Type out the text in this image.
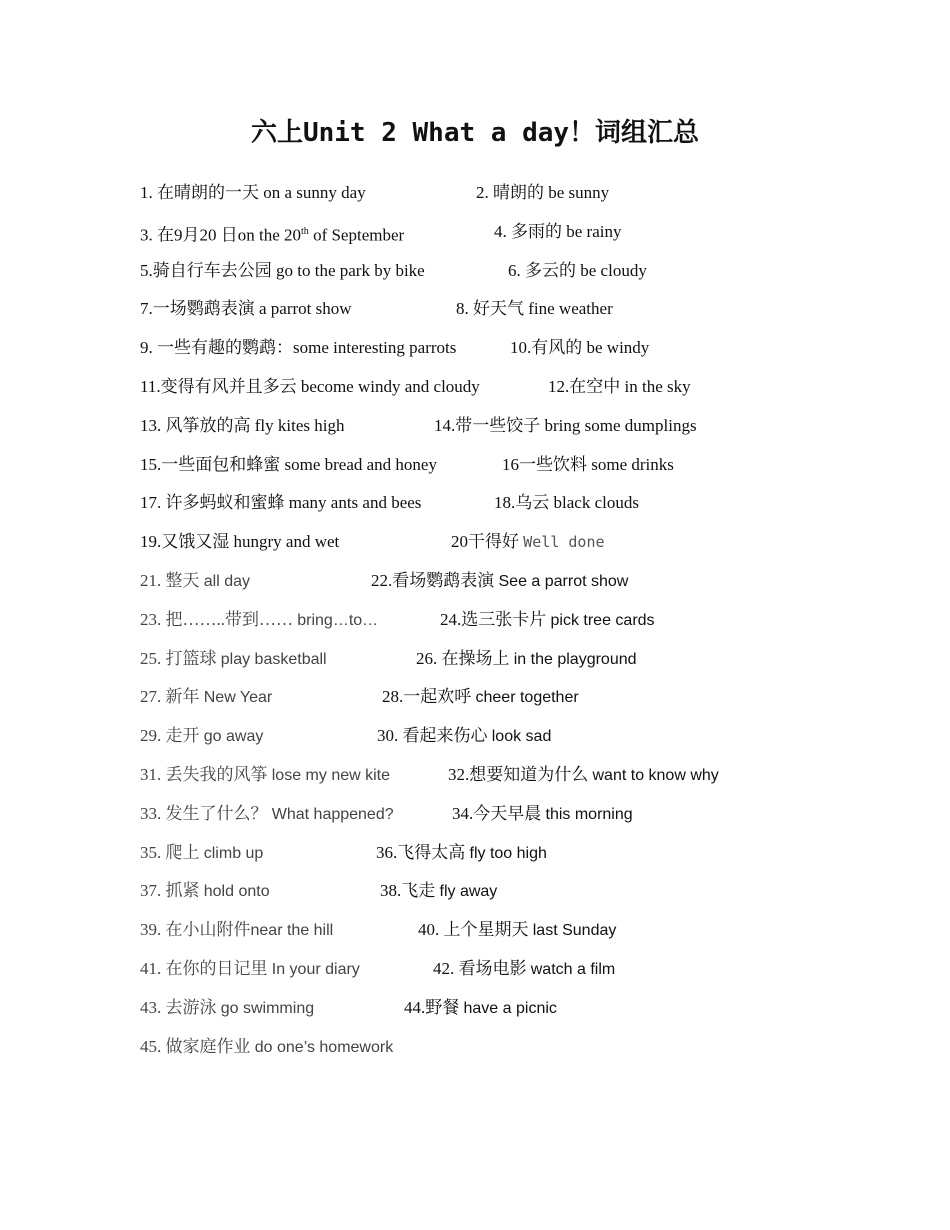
六上Unit 2 What a day！词组汇总
1. 在晴朗的一天 on a sunny day	2. 晴朗的 be sunny
3. 在9月20 日on the 20th of September	4. 多雨的 be rainy
5.骑自行车去公园 go to the park by bike	6. 多云的 be cloudy
7.一场鹦鹉表演 a parrot show	8. 好天气 fine weather
9. 一些有趣的鹦鹉：some interesting parrots	10.有风的 be windy
11.变得有风并且多云 become windy and cloudy	12.在空中 in the sky
13. 风筝放的高 fly kites high	14.带一些饺子 bring some dumplings
15.一些面包和蜂蜜 some bread and honey	16一些饮料 some drinks
17. 许多蚂蚁和蜜蜂 many ants and bees	18.乌云 black clouds
19.又饿又湿 hungry and wet	20干得好 Well done
21. 整天 all day	22.看场鹦鹉表演 See a parrot show
23. 把……..带到…… bring…to…	24.选三张卡片 pick tree cards
25. 打篮球 play basketball	26. 在操场上 in the playground
27. 新年 New Year	28.一起欢呼 cheer together
29. 走开 go away	30. 看起来伤心 look sad
31. 丢失我的风筝 lose my new kite	32.想要知道为什么 want to know why
33. 发生了什么？ What happened?	34.今天早晨 this morning
35. 爬上 climb up	36.飞得太高 fly too high
37. 抓紧 hold onto	38.飞走 fly away
39. 在小山附件near the hill	40. 上个星期天 last Sunday
41. 在你的日记里 In your diary	42. 看场电影 watch a film
43. 去游泳 go swimming	44.野餐 have a picnic
45. 做家庭作业 do one’s homework
